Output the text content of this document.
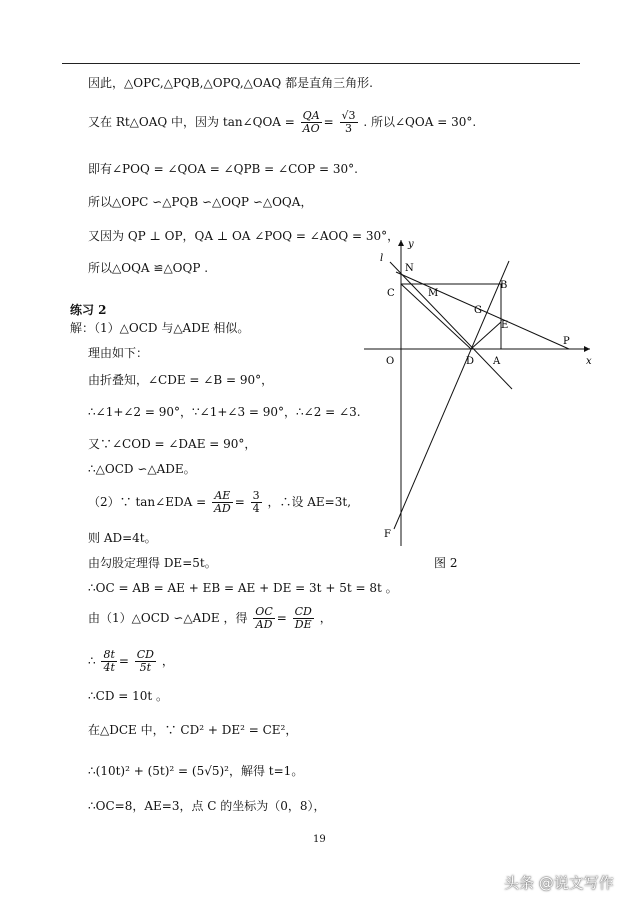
因此，△OPC,△PQB,△OPQ,△OAQ 都是直角三角形.
又在 Rt△OAQ 中，因为 tan∠QOA = $\frac{QA}{AO} = \frac{√3}{3}$ . 所以∠QOA = 30°.
即有∠POQ = ∠QOA = ∠QPB = ∠COP = 30°.
所以△OPC ∽△PQB ∽△OQP ∽△OQA，
又因为 QP ⊥ OP，QA ⊥ OA ∠POQ = ∠AOQ = 30°，
所以△OQA ≌△OQP .
练习 2
解：（1）△OCD 与△ADE 相似。
理由如下：
由折叠知，∠CDE = ∠B = 90°，
∴∠1+∠2 = 90°，∵∠1+∠3 = 90°，∴∠2 = ∠3.
又∵∠COD = ∠DAE = 90°，
∴△OCD ∽△ADE。
（2）∵ tan∠EDA = $\frac{AE}{AD} = \frac{3}{4}$ ，∴设 AE=3t,
则 AD=4t。
由勾股定理得 DE=5t。
∴OC = AB = AE + EB = AE + DE = 3t + 5t = 8t 。
由（1）△OCD ∽△ADE ，得 $\frac{OC}{AD} = \frac{CD}{DE}$ ，
∴ $\frac{8t}{4t} = \frac{CD}{5t}$ ，
∴CD = 10t 。
在△DCE 中，∵ CD² + DE² = CE²，
∴(10t)² + (5t)² = (5√5)²，解得 t=1。
∴OC=8，AE=3，点 C 的坐标为（0，8），
y
l
N
B
C	M
G
E
P
O	D A	x
F
图 2
19
头条 @说文写作
